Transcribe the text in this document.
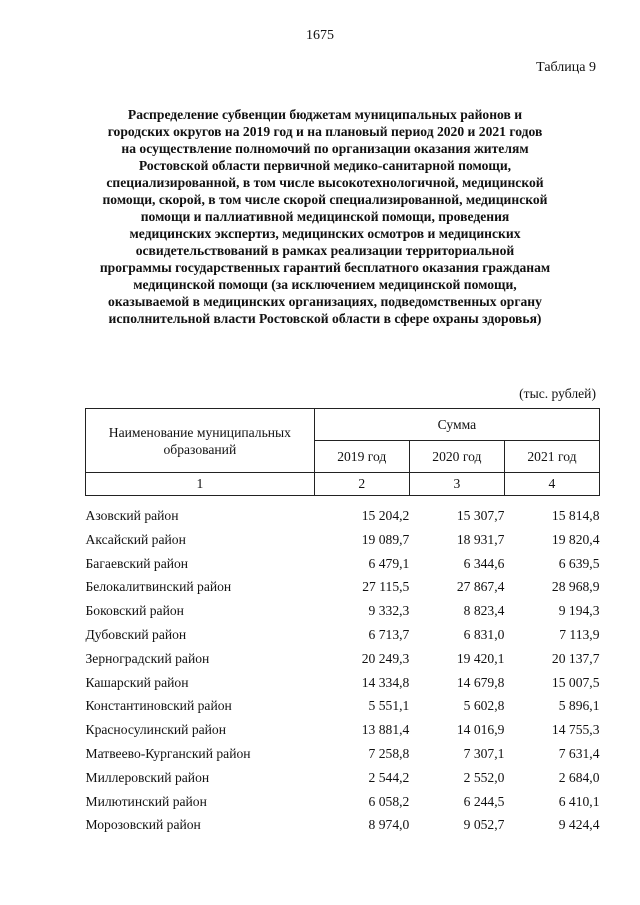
1675
Таблица 9
Распределение субвенции бюджетам муниципальных районов и
городских округов на 2019 год и на плановый период 2020 и 2021 годов
на осуществление полномочий по организации оказания жителям
Ростовской области первичной медико-санитарной помощи,
специализированной, в том числе высокотехнологичной, медицинской
помощи, скорой, в том числе скорой специализированной, медицинской
помощи и паллиативной медицинской помощи, проведения
медицинских экспертиз, медицинских осмотров и медицинских
освидетельствований в рамках реализации территориальной
программы государственных гарантий бесплатного оказания гражданам
медицинской помощи (за исключением медицинской помощи,
оказываемой в медицинских организациях, подведомственных органу
исполнительной власти Ростовской области в сфере охраны здоровья)
(тыс. рублей)
Наименование муниципальных образований	Сумма		
	2019 год	2020 год	2021 год
1	2	3	4

Азовский район	15 204,2	15 307,7	15 814,8
Аксайский район	19 089,7	18 931,7	19 820,4
Багаевский район	6 479,1	6 344,6	6 639,5
Белокалитвинский район	27 115,5	27 867,4	28 968,9
Боковский район	9 332,3	8 823,4	9 194,3
Дубовский район	6 713,7	6 831,0	7 113,9
Зерноградский район	20 249,3	19 420,1	20 137,7
Кашарский район	14 334,8	14 679,8	15 007,5
Константиновский район	5 551,1	5 602,8	5 896,1
Красносулинский район	13 881,4	14 016,9	14 755,3
Матвеево-Курганский район	7 258,8	7 307,1	7 631,4
Миллеровский район	2 544,2	2 552,0	2 684,0
Милютинский район	6 058,2	6 244,5	6 410,1
Морозовский район	8 974,0	9 052,7	9 424,4
